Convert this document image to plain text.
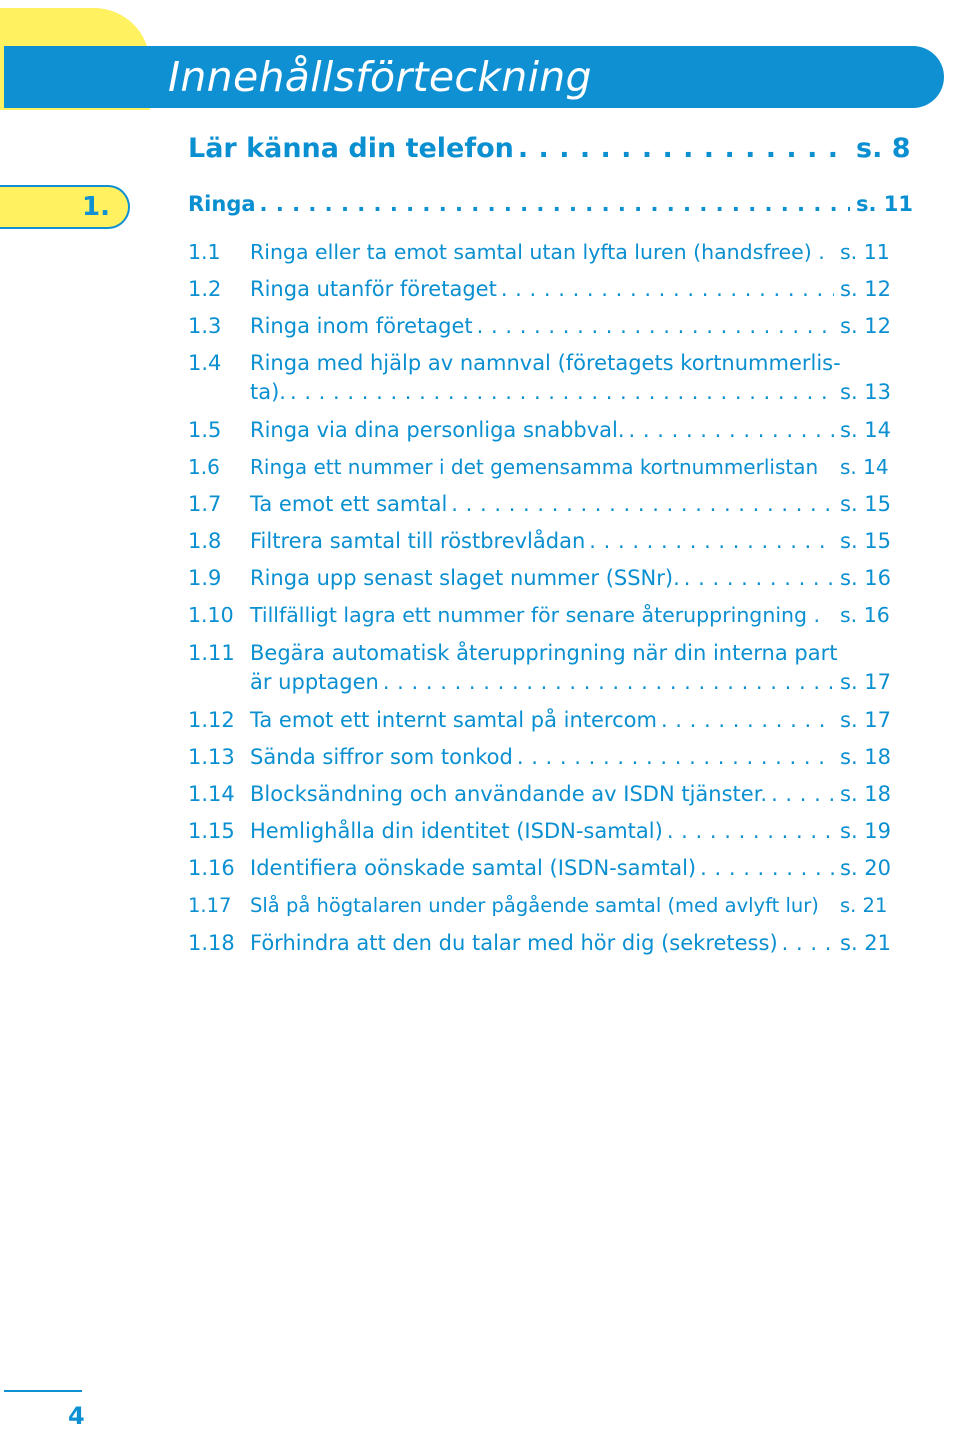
Innehållsförteckning
1.
Lär känna din telefon . . .	s. 8
Ringa . . .	s. 11
1.1	Ringa eller ta emot samtal utan lyfta luren (handsfree) . s. 11
1.2	Ringa utanför företaget . . .	s. 12
1.3	Ringa inom företaget . . .	s. 12
1.4	Ringa med hjälp av namnval (företagets kortnummerlis-
ta). . . .	s. 13
1.5	Ringa via dina personliga snabbval. . . .	s. 14
1.6	Ringa ett nummer i det gemensamma kortnummerlistan s. 14
1.7	Ta emot ett samtal . . .	s. 15
1.8	Filtrera samtal till röstbrevlådan . . .	s. 15
1.9	Ringa upp senast slaget nummer (SSNr). . . .	s. 16
1.10 Tillfälligt lagra ett nummer för senare återuppringning . s. 16
1.11 Begära automatisk återuppringning när din interna part
är upptagen . . .	s. 17
1.12 Ta emot ett internt samtal på intercom . . .	s. 17
1.13 Sända siffror som tonkod . . .	s. 18
1.14 Blocksändning och användande av ISDN tjänster. . . .	s. 18
1.15 Hemlighålla din identitet (ISDN-samtal) . . .	s. 19
1.16 Identifiera oönskade samtal (ISDN-samtal) . . .	s. 20
1.17 Slå på högtalaren under pågående samtal (med avlyft lur) s. 21
1.18 Förhindra att den du talar med hör dig (sekretess) . . .	s. 21
4
